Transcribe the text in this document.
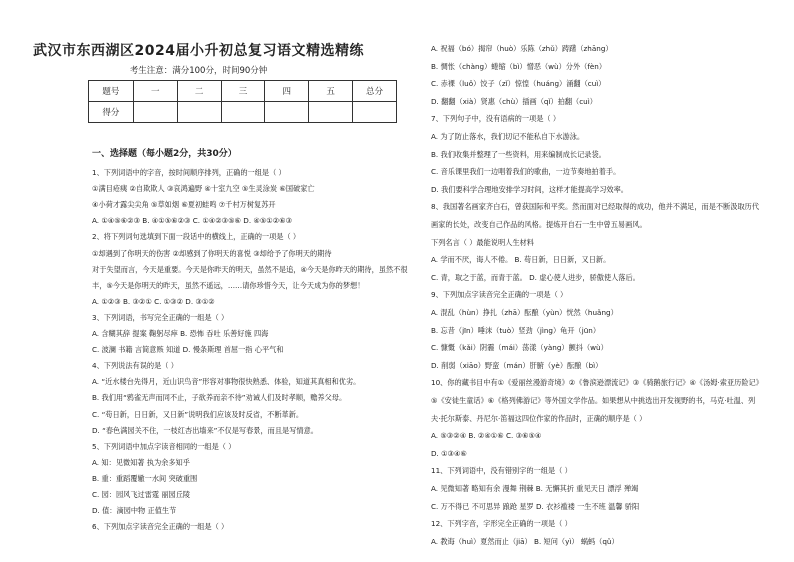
武汉市东西湖区2024届小升初总复习语文精选精练
考生注意：满分100分，时间90分钟
题号	一	二	三	四	五	总分
得分						
一、选择题（每小题2分，共30分）
1、下列词语中的字音，按时间顺序排列，正确的一组是（ ）
①满目疮痍 ②自欺欺人 ③哀鸿遍野 ④十室九空 ⑤生灵涂炭 ⑥国破家亡
④小荷才露尖尖角 ⑤草如烟 ⑥夏初蛙鸣 ⑦千村万树复苏开
A. ①④⑤⑥②③ B. ④①⑤⑥②③ C. ①④②③⑤⑥ D. ④⑤①②⑥③
2、将下列词句选填到下面一段话中的横线上，正确的一项是（ ）
①却遇到了你明天的伤害 ②却感到了你明天的喜悦 ③却给予了你明天的期待
对于失望而言，今天是重要。今天是你昨天的明天，虽然不是追，④今天是你昨天的期待，虽然不很
丰，⑤今天是你明天的昨天，虽然不遥远，……请你珍惜今天，让今天成为你的梦想！
A. ①②③ B. ③②① C. ①③② D. ③①②
3、下列词语，书写完全正确的一组是（ ）
A. 含糊其辞 提案 鞠躬尽瘁 B. 恐怖 吞吐 乐善好施 四海
C. 波澜 书籍 言简意赅 知道 D. 慢条斯理 首屈一指 心平气和
4、下列说法有误的是（ ）
A. “近水楼台先得月，近山识鸟音”形容对事物很快熟悉、体验，知道其真相和优劣。
B. 我们用“鸦雀无声而同不止，子欲养而亲不待”劝诫人们及时孝顺，赡养父母。
C. “苟日新，日日新，又日新”说明我们应该及时反省，不断革新。
D. “春色满园关不住，一枝红杏出墙来”不仅是写春景，而且是写情意。
5、下列词语中加点字读音相同的一组是（ ）
A. 知：见微知著 执为余多知乎
B. 重：重蹈覆辙一水间 突破重围
C. 园：园风飞过雷霆 丽园丘陵
D. 值：滴园中物 正值生节
6、下列加点字读音完全正确的一组是（ ）
A. 祝福（bó）揭帘（huò）乐陈（zhǔ）踌躇（zhāng）
B. 惆怅（chàng）蜷缩（bì）憎恶（wù）分外（fèn）
C. 赤裸（luǒ）饺子（zǐ）惊惶（huáng）涌翻（cuì）
D. 翻翻（xià）贤惠（chù）插画（qǐ）拍翻（cuì）
7、下列句子中，没有语病的一项是（ ）
A. 为了防止落水，我们切记不能私自下水游泳。
B. 我们收集并整理了一些资料，用来编制成长记录袋。
C. 音乐课里我们一边唱着我们的歌曲，一边节奏地拍着手。
D. 我们要科学合理地安排学习时间，这样才能提高学习效率。
8、我国著名画家齐白石，曾获国际和平奖。然而面对已经取得的成功，他并不满足，而是不断汲取历代
画家的长处，改变自己作品的风格。提炼开自石一生中曾五易画风。
下列名言（ ）最能说明人生材料
A. 学而不厌，诲人不倦。 B. 苟日新，日日新，又日新。
C. 青，取之于蓝，而青于蓝。 D. 虚心使人进步，骄傲使人落后。
9、下列加点字读音完全正确的一项是（ ）
A. 混乱（hùn）挣扎（zhā）酝酿（yùn）恍然（huǎng）
B. 忘昔（jīn）唾沫（tuò）竖劲（jìng）龟开（jūn）
C. 慷慨（kǎi）阴霾（mái）荡漾（yàng）颤抖（wù）
D. 削弱（xiāo）野蛮（mán）肝腑（yè）酝酿（bì）
10、你的藏书目中有①《爱丽丝漫游奇境》②《鲁滨逊漂流记》③《骑鹅旅行记》④《汤姆·索亚历险记》
⑤《安徒生童话》⑥《格列佛游记》等外国文学作品。如果想从中挑选出开发视野的书，马克·吐温、列
夫·托尔斯泰、丹尼尔·笛福这四位作家的作品时，正确的顺序是（ ）
A. ⑤③②④ B. ②④①⑥ C. ③⑥⑤④
D. ①③④⑥
11、下列词语中，没有错别字的一组是（ ）
A. 见微知著 略知有余 漫舞 荆棘 B. 无懈其折 重见天日 漂浮 殚竭
C. 万不得已 不可思异 踉跄 星罗 D. 衣衫褴褛 一生不班 温馨 骄阳
12、下列字音，字形完全正确的一项是（ ）
A. 教诲（huì）夏然而止（jiā） B. 短问（yì） 蜗蚂（qǔ）
